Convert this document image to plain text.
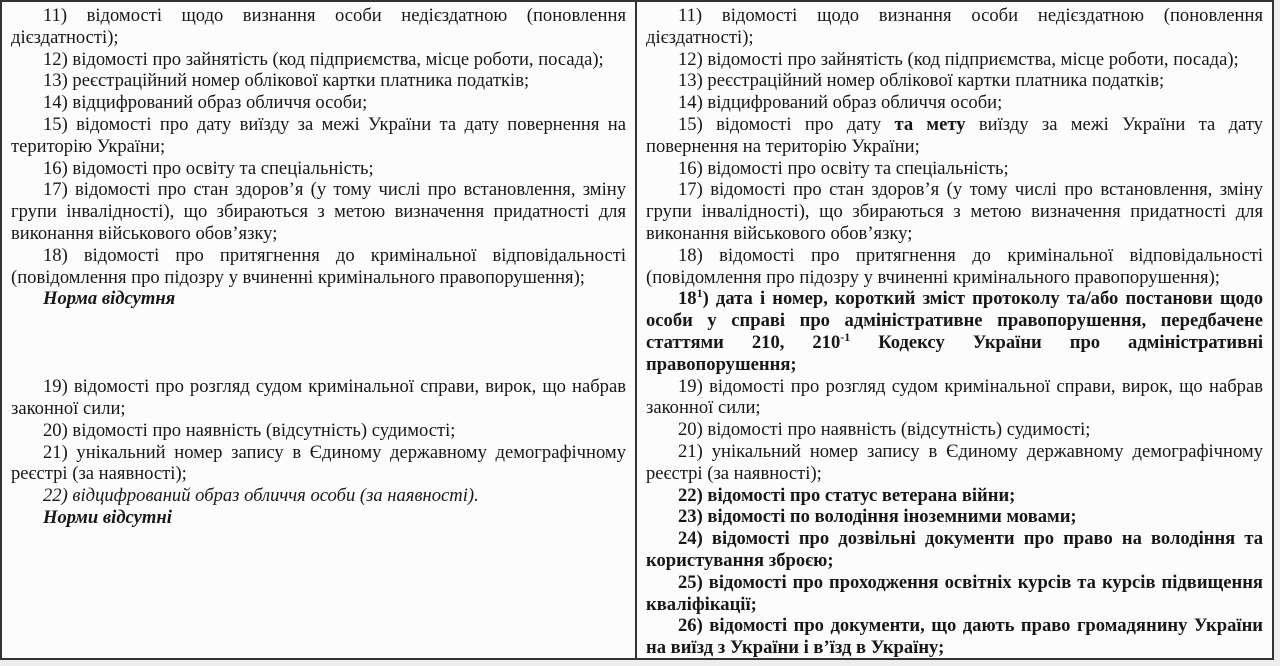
11) відомості щодо визнання особи недієздатною (поновлення дієздатності);

12) відомості про зайнятість (код підприємства, місце роботи, посада);

13) реєстраційний номер облікової картки платника податків;

14) відцифрований образ обличчя особи;

15) відомості про дату виїзду за межі України та дату повернення на територію України;

16) відомості про освіту та спеціальність;

17) відомості про стан здоров’я (у тому числі про встановлення, зміну групи інвалідності), що збираються з метою визначення придатності для виконання військового обов’язку;

18) відомості про притягнення до кримінальної відповідальності (повідомлення про підозру у вчиненні кримінального правопорушення);

Норма відсутня

19) відомості про розгляд судом кримінальної справи, вирок, що набрав законної сили;

20) відомості про наявність (відсутність) судимості;

21) унікальний номер запису в Єдиному державному демографічному реєстрі (за наявності);

22) відцифрований образ обличчя особи (за наявності).

Норми відсутні

11) відомості щодо визнання особи недієздатною (поновлення дієздатності);

12) відомості про зайнятість (код підприємства, місце роботи, посада);

13) реєстраційний номер облікової картки платника податків;

14) відцифрований образ обличчя особи;

15) відомості про дату та мету виїзду за межі України та дату повернення на територію України;

16) відомості про освіту та спеціальність;

17) відомості про стан здоров’я (у тому числі про встановлення, зміну групи інвалідності), що збираються з метою визначення придатності для виконання військового обов’язку;

18) відомості про притягнення до кримінальної відповідальності (повідомлення про підозру у вчиненні кримінального правопорушення);

$18^1$) дата і номер, короткий зміст протоколу та/або постанови щодо особи у справі про адміністративне правопорушення, передбачене статтями 210, $210^{-1}$ Кодексу України про адміністративні правопорушення;

19) відомості про розгляд судом кримінальної справи, вирок, що набрав законної сили;

20) відомості про наявність (відсутність) судимості;

21) унікальний номер запису в Єдиному державному демографічному реєстрі (за наявності);

22) відомості про статус ветерана війни;

23) відомості по володіння іноземними мовами;

24) відомості про дозвільні документи про право на володіння та користування зброєю;

25) відомості про проходження освітніх курсів та курсів підвищення кваліфікації;

26) відомості про документи, що дають право громадянину України на виїзд з України і в’їзд в Україну;
